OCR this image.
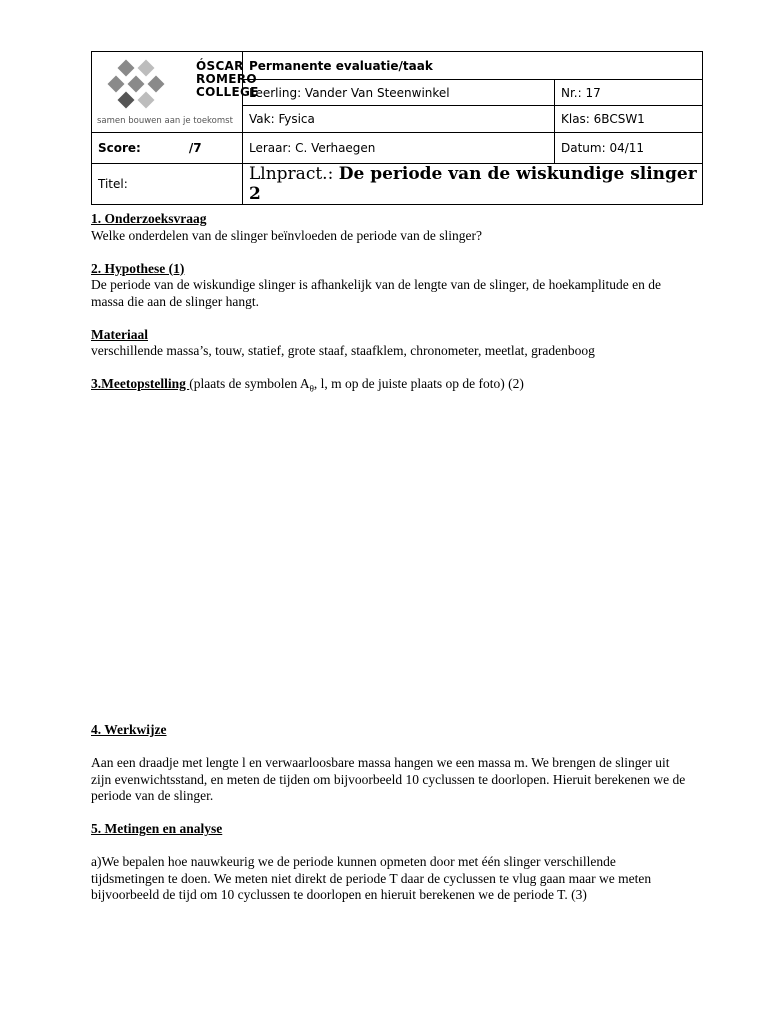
ÓSCAR
ROMERO
COLLEGE
samen bouwen aan je toekomst	Permanente evaluatie/taak	
	Leerling: Vander Van Steenwinkel	Nr.: 17
	Vak: Fysica	Klas: 6BCSW1
Score: /7	Leraar: C. Verhaegen	Datum: 04/11
Titel:	Llnpract.: De periode van de wiskundige slinger 2	
1. Onderzoeksvraag

Welke onderdelen van de slinger beïnvloeden de periode van de slinger?

2. Hypothese (1)

De periode van de wiskundige slinger is afhankelijk van de lengte van de slinger, de hoekamplitude en de massa die aan de slinger hangt.

Materiaal

verschillende massa’s, touw, statief, grote staaf, staafklem, chronometer, meetlat, gradenboog

3.Meetopstelling (plaats de symbolen $A_\theta$, l, m op de juiste plaats op de foto) (2)

4. Werkwijze

Aan een draadje met lengte l en verwaarloosbare massa hangen we een massa m. We brengen de slinger uit zijn evenwichtsstand, en meten de tijden om bijvoorbeeld 10 cyclussen te doorlopen. Hieruit berekenen we de periode van de slinger.

5. Metingen en analyse

a)We bepalen hoe nauwkeurig we de periode kunnen opmeten door met één slinger verschillende tijdsmetingen te doen. We meten niet direkt de periode T daar de cyclussen te vlug gaan maar we meten bijvoorbeeld de tijd om 10 cyclussen te doorlopen en hieruit berekenen we de periode T. (3)
